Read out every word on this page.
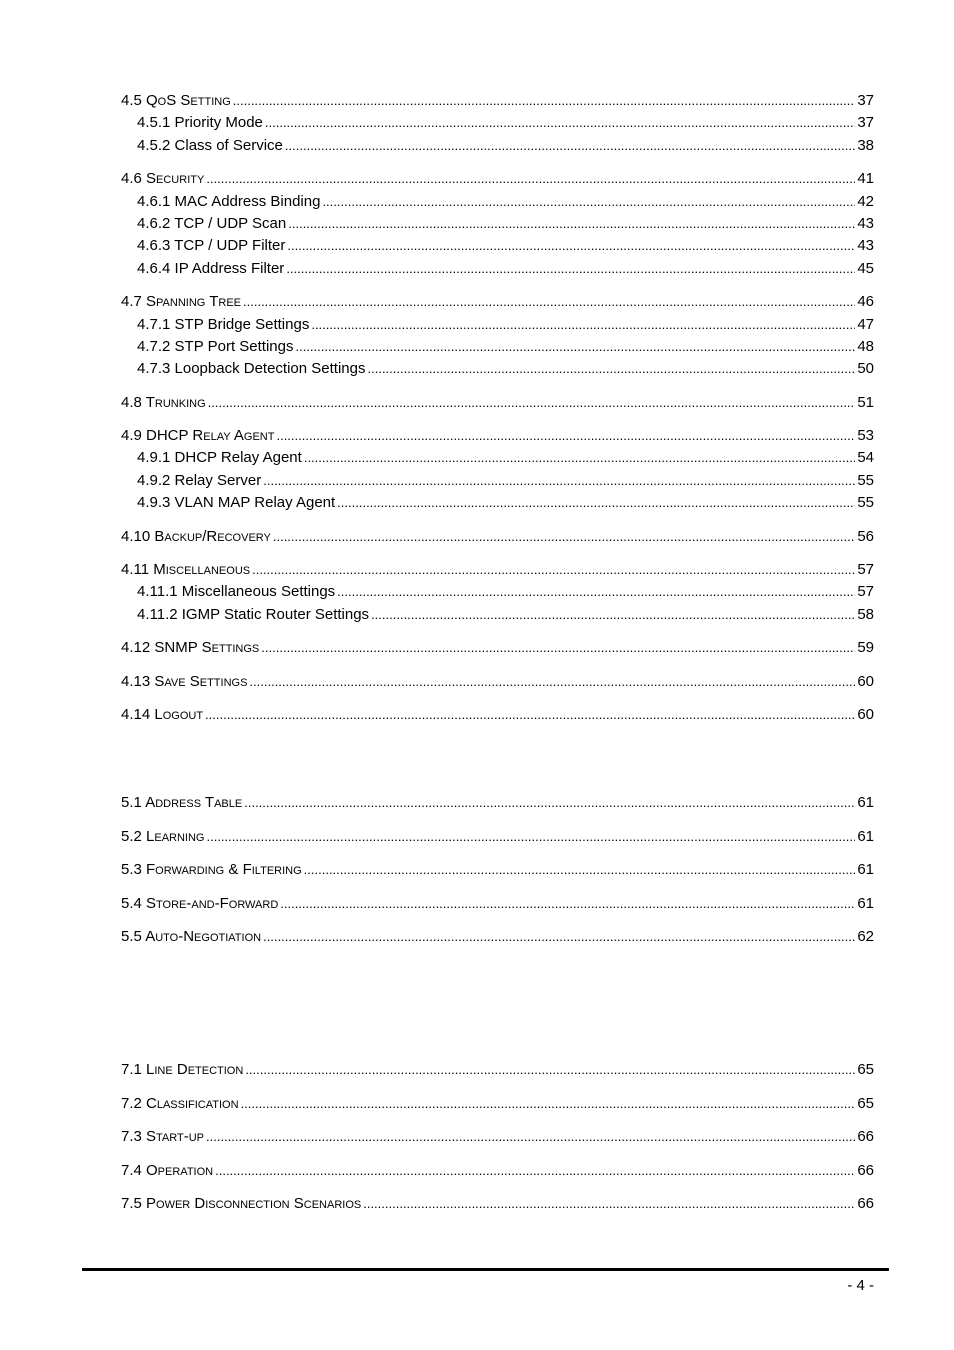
4.5 QoS Setting .....	37
4.5.1 Priority Mode .....	37
4.5.2 Class of Service .....	38
4.6 Security .....	41
4.6.1 MAC Address Binding .....	42
4.6.2 TCP / UDP Scan .....	43
4.6.3 TCP / UDP Filter .....	43
4.6.4 IP Address Filter .....	45
4.7 Spanning Tree .....	46
4.7.1 STP Bridge Settings .....	47
4.7.2 STP Port Settings .....	48
4.7.3 Loopback Detection Settings .....	50
4.8 Trunking .....	51
4.9 DHCP Relay Agent .....	53
4.9.1 DHCP Relay Agent .....	54
4.9.2 Relay Server .....	55
4.9.3 VLAN MAP Relay Agent .....	55
4.10 Backup/Recovery .....	56
4.11 Miscellaneous .....	57
4.11.1 Miscellaneous Settings .....	57
4.11.2 IGMP Static Router Settings .....	58
4.12 SNMP Settings .....	59
4.13 Save Settings .....	60
4.14 Logout .....	60
5.1 Address Table .....	61
5.2 Learning .....	61
5.3 Forwarding & Filtering .....	61
5.4 Store-and-Forward .....	61
5.5 Auto-Negotiation .....	62
7.1 Line Detection .....	65
7.2 Classification .....	65
7.3 Start-up .....	66
7.4 Operation .....	66
7.5 Power Disconnection Scenarios .....	66
- 4 -
